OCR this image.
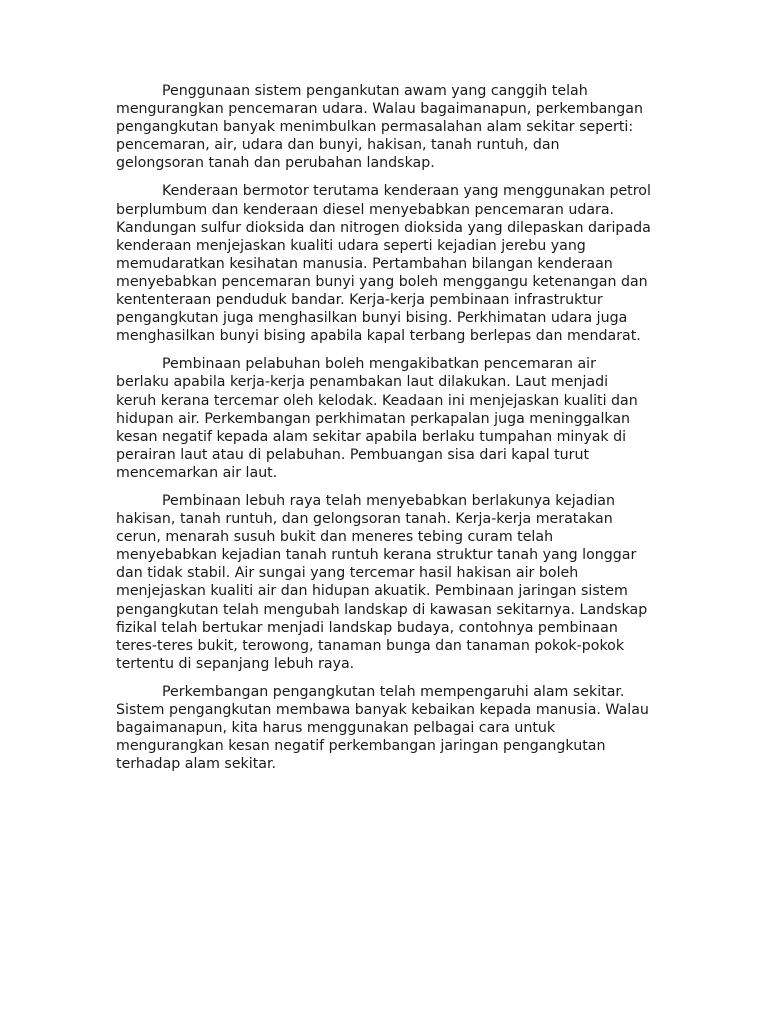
Penggunaan sistem pengankutan awam yang canggih telah
mengurangkan pencemaran udara. Walau bagaimanapun, perkembangan
pengangkutan banyak menimbulkan permasalahan alam sekitar seperti:
pencemaran, air, udara dan bunyi, hakisan, tanah runtuh, dan
gelongsoran tanah dan perubahan landskap.

Kenderaan bermotor terutama kenderaan yang menggunakan petrol
berplumbum dan kenderaan diesel menyebabkan pencemaran udara.
Kandungan sulfur dioksida dan nitrogen dioksida yang dilepaskan daripada
kenderaan menjejaskan kualiti udara seperti kejadian jerebu yang
memudaratkan kesihatan manusia. Pertambahan bilangan kenderaan
menyebabkan pencemaran bunyi yang boleh menggangu ketenangan dan
kententeraan penduduk bandar. Kerja-kerja pembinaan infrastruktur
pengangkutan juga menghasilkan bunyi bising. Perkhimatan udara juga
menghasilkan bunyi bising apabila kapal terbang berlepas dan mendarat.

Pembinaan pelabuhan boleh mengakibatkan pencemaran air
berlaku apabila kerja-kerja penambakan laut dilakukan. Laut menjadi
keruh kerana tercemar oleh kelodak. Keadaan ini menjejaskan kualiti dan
hidupan air. Perkembangan perkhimatan perkapalan juga meninggalkan
kesan negatif kepada alam sekitar apabila berlaku tumpahan minyak di
perairan laut atau di pelabuhan. Pembuangan sisa dari kapal turut
mencemarkan air laut.

Pembinaan lebuh raya telah menyebabkan berlakunya kejadian
hakisan, tanah runtuh, dan gelongsoran tanah. Kerja-kerja meratakan
cerun, menarah susuh bukit dan meneres tebing curam telah
menyebabkan kejadian tanah runtuh kerana struktur tanah yang longgar
dan tidak stabil. Air sungai yang tercemar hasil hakisan air boleh
menjejaskan kualiti air dan hidupan akuatik. Pembinaan jaringan sistem
pengangkutan telah mengubah landskap di kawasan sekitarnya. Landskap
fizikal telah bertukar menjadi landskap budaya, contohnya pembinaan
teres-teres bukit, terowong, tanaman bunga dan tanaman pokok-pokok
tertentu di sepanjang lebuh raya.

Perkembangan pengangkutan telah mempengaruhi alam sekitar.
Sistem pengangkutan membawa banyak kebaikan kepada manusia. Walau
bagaimanapun, kita harus menggunakan pelbagai cara untuk
mengurangkan kesan negatif perkembangan jaringan pengangkutan
terhadap alam sekitar.
